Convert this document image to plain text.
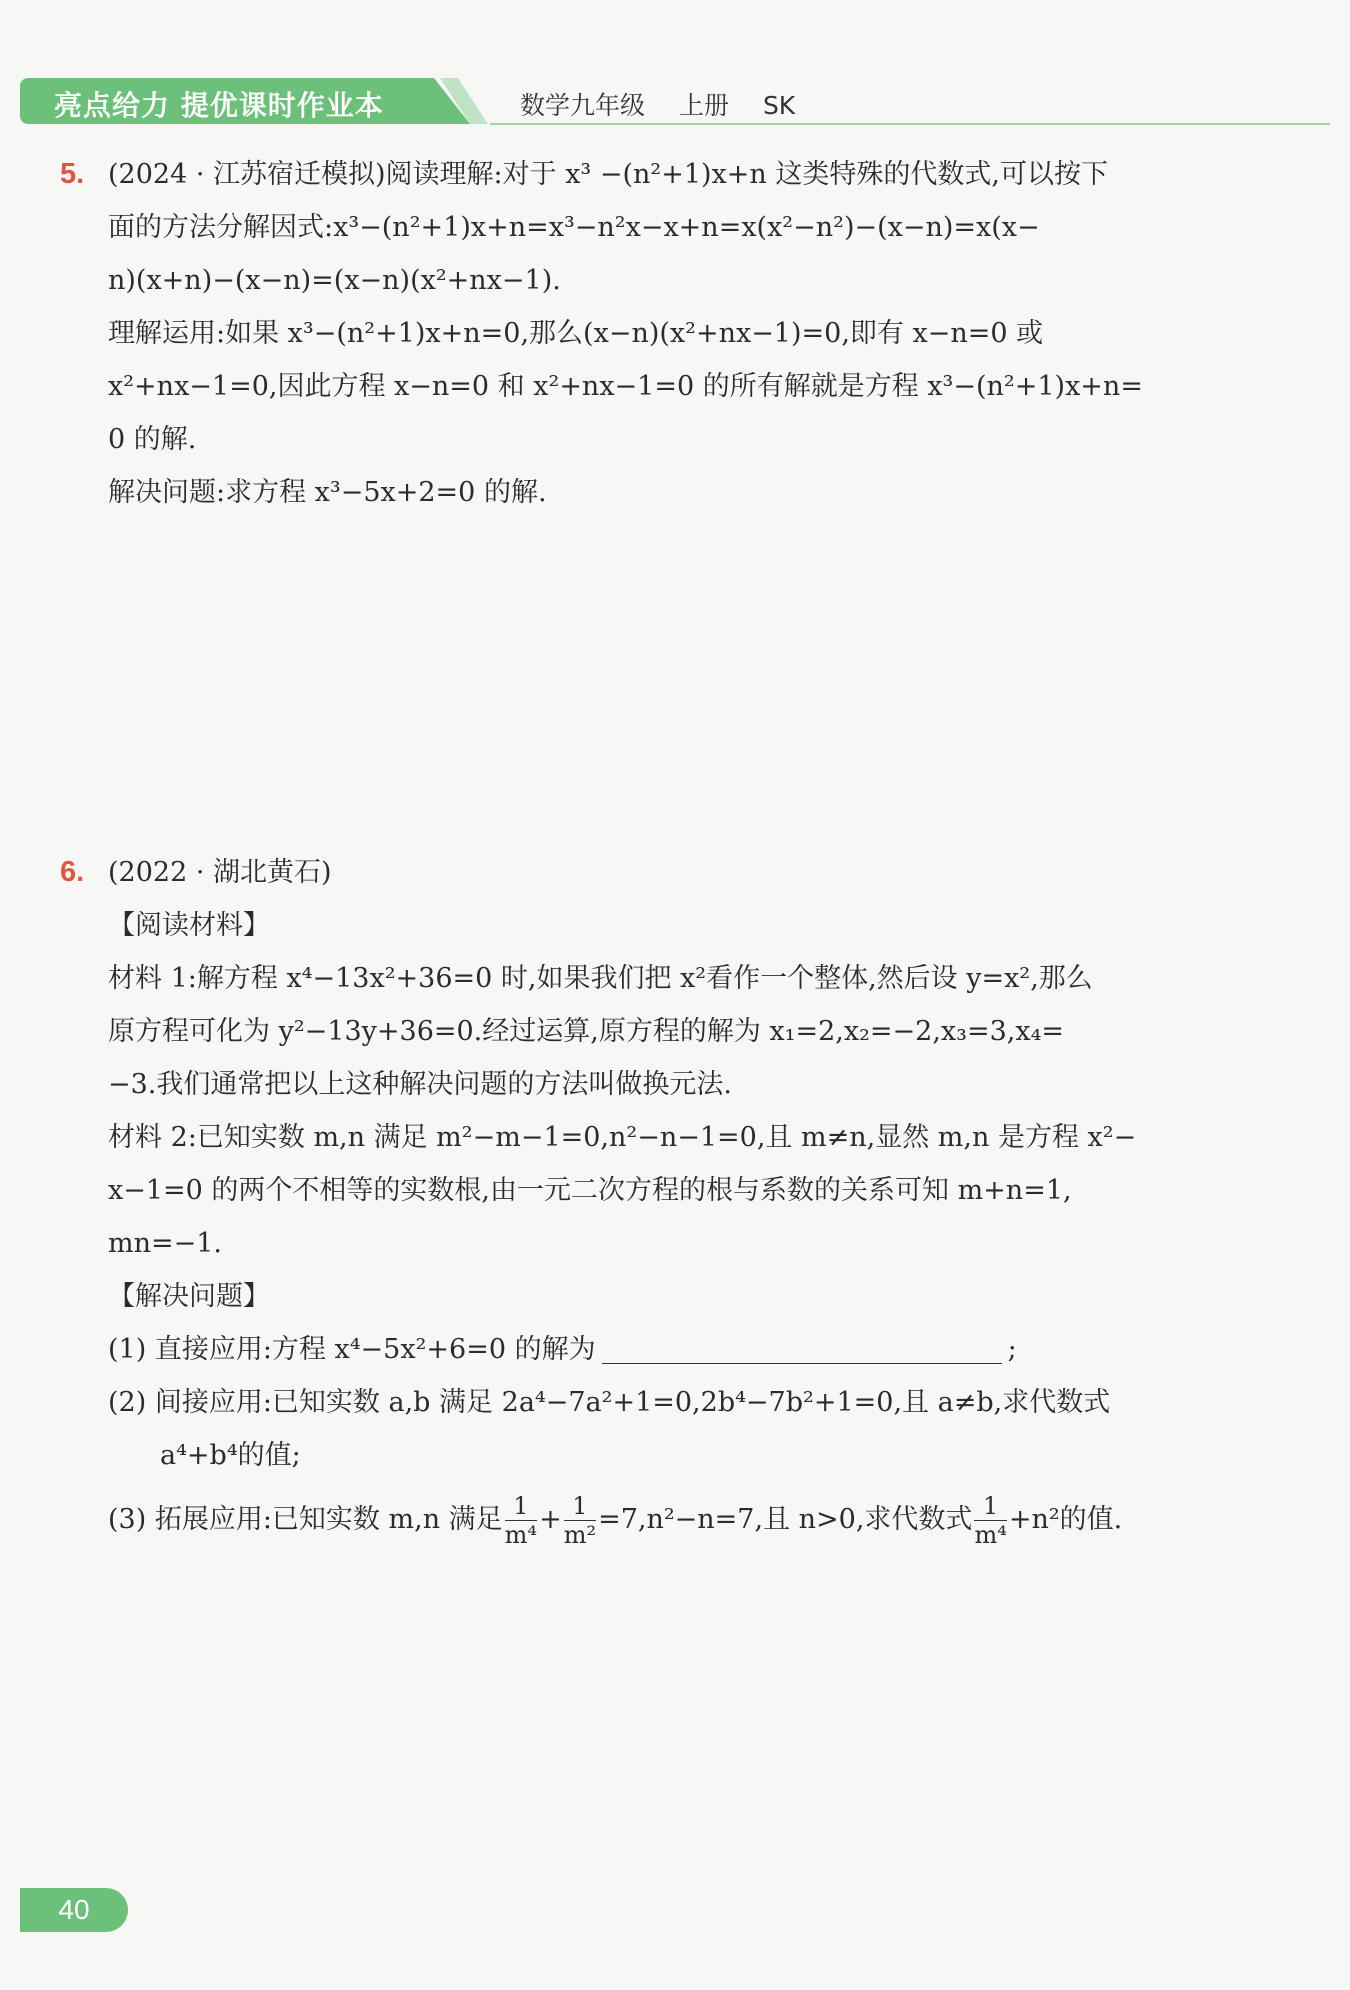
亮点给力 提优课时作业本	数学九年级 上册 SK
5. (2024 · 江苏宿迁模拟)阅读理解:对于 x³ −(n²+1)x+n 这类特殊的代数式,可以按下
面的方法分解因式:x³−(n²+1)x+n=x³−n²x−x+n=x(x²−n²)−(x−n)=x(x−
n)(x+n)−(x−n)=(x−n)(x²+nx−1).
理解运用:如果 x³−(n²+1)x+n=0,那么(x−n)(x²+nx−1)=0,即有 x−n=0 或
x²+nx−1=0,因此方程 x−n=0 和 x²+nx−1=0 的所有解就是方程 x³−(n²+1)x+n=
0 的解.
解决问题:求方程 x³−5x+2=0 的解.
6. (2022 · 湖北黄石)
【阅读材料】
材料 1:解方程 x⁴−13x²+36=0 时,如果我们把 x²看作一个整体,然后设 y=x²,那么
原方程可化为 y²−13y+36=0.经过运算,原方程的解为 x₁=2,x₂=−2,x₃=3,x₄=
−3.我们通常把以上这种解决问题的方法叫做换元法.
材料 2:已知实数 m,n 满足 m²−m−1=0,n²−n−1=0,且 m≠n,显然 m,n 是方程 x²−
x−1=0 的两个不相等的实数根,由一元二次方程的根与系数的关系可知 m+n=1,
mn=−1.
【解决问题】
(1) 直接应用:方程 x⁴−5x²+6=0 的解为	;
(2) 间接应用:已知实数 a,b 满足 2a⁴−7a²+1=0,2b⁴−7b²+1=0,且 a≠b,求代数式
a⁴+b⁴的值;
(3) 拓展应用:已知实数 m,n 满足 $\frac{1}{\text{m⁴}} + \frac{1}{\text{m²}} =7,n^2-n=7$,且 n>0,求代数式 $\frac{1}{\text{m⁴}} +n^2$的值.
40
